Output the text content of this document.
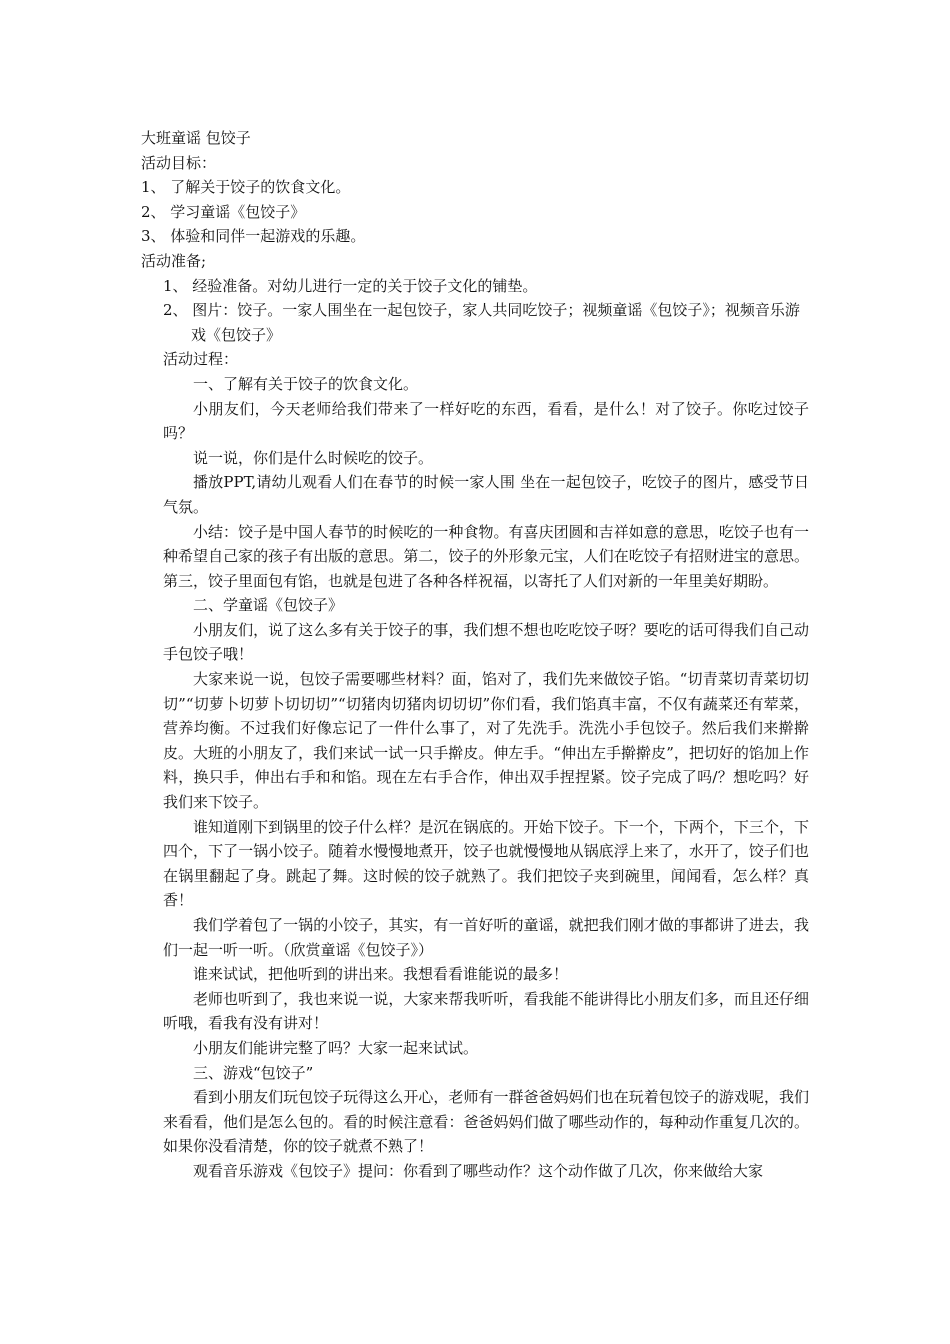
大班童谣 包饺子

活动目标：

1、 了解关于饺子的饮食文化。

2、 学习童谣《包饺子》

3、 体验和同伴一起游戏的乐趣。

活动准备;

1、 经验准备。对幼儿进行一定的关于饺子文化的铺垫。

2、 图片：饺子。一家人围坐在一起包饺子，家人共同吃饺子；视频童谣《包饺子》；视频音乐游戏《包饺子》

活动过程：

一、了解有关于饺子的饮食文化。

小朋友们，今天老师给我们带来了一样好吃的东西，看看，是什么！对了饺子。你吃过饺子吗？

说一说，你们是什么时候吃的饺子。

播放PPT,请幼儿观看人们在春节的时候一家人围 坐在一起包饺子，吃饺子的图片，感受节日气氛。

小结：饺子是中国人春节的时候吃的一种食物。有喜庆团圆和吉祥如意的意思，吃饺子也有一种希望自己家的孩子有出版的意思。第二，饺子的外形象元宝，人们在吃饺子有招财进宝的意思。第三，饺子里面包有馅，也就是包进了各种各样祝福，以寄托了人们对新的一年里美好期盼。

二、学童谣《包饺子》

小朋友们，说了这么多有关于饺子的事，我们想不想也吃吃饺子呀？要吃的话可得我们自己动手包饺子哦！

大家来说一说，包饺子需要哪些材料？面，馅对了，我们先来做饺子馅。“切青菜切青菜切切切”“切萝卜切萝卜切切切”“切猪肉切猪肉切切切”你们看，我们馅真丰富，不仅有蔬菜还有荤菜，营养均衡。不过我们好像忘记了一件什么事了，对了先洗手。洗洗小手包饺子。然后我们来擀擀皮。大班的小朋友了，我们来试一试一只手擀皮。伸左手。“伸出左手擀擀皮”，把切好的馅加上作料，换只手，伸出右手和和馅。现在左右手合作，伸出双手捏捏紧。饺子完成了吗/？想吃吗？好我们来下饺子。

谁知道刚下到锅里的饺子什么样？是沉在锅底的。开始下饺子。下一个，下两个，下三个，下四个，下了一锅小饺子。随着水慢慢地煮开，饺子也就慢慢地从锅底浮上来了，水开了，饺子们也在锅里翻起了身。跳起了舞。这时候的饺子就熟了。我们把饺子夹到碗里，闻闻看，怎么样？真香！

我们学着包了一锅的小饺子，其实，有一首好听的童谣，就把我们刚才做的事都讲了进去，我们一起一听一听。（欣赏童谣《包饺子》）

谁来试试，把他听到的讲出来。我想看看谁能说的最多！

老师也听到了，我也来说一说，大家来帮我听听，看我能不能讲得比小朋友们多，而且还仔细听哦，看我有没有讲对！

小朋友们能讲完整了吗？大家一起来试试。

三、游戏“包饺子”

看到小朋友们玩包饺子玩得这么开心，老师有一群爸爸妈妈们也在玩着包饺子的游戏呢，我们来看看，他们是怎么包的。看的时候注意看：爸爸妈妈们做了哪些动作的，每种动作重复几次的。如果你没看清楚，你的饺子就煮不熟了！

观看音乐游戏《包饺子》提问：你看到了哪些动作？这个动作做了几次，你来做给大家
